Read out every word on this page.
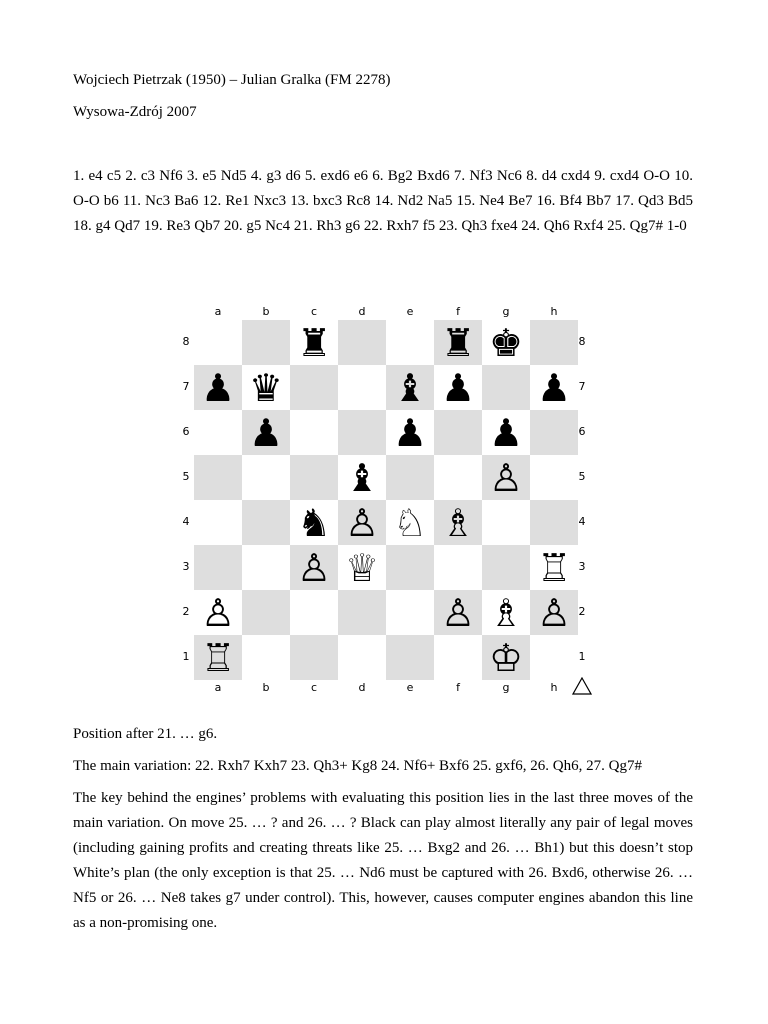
Wojciech Pietrzak (1950) – Julian Gralka (FM 2278)
Wysowa-Zdrój 2007
1. e4 c5 2. c3 Nf6 3. e5 Nd5 4. g3 d6 5. exd6 e6 6. Bg2 Bxd6 7. Nf3 Nc6 8. d4 cxd4 9. cxd4 O-O 10. O-O b6 11. Nc3 Ba6 12. Re1 Nxc3 13. bxc3 Rc8 14. Nd2 Na5 15. Ne4 Be7 16. Bf4 Bb7 17. Qd3 Bd5 18. g4 Qd7 19. Re3 Qb7 20. g5 Nc4 21. Rh3 g6 22. Rxh7 f5 23. Qh3 fxe4 24. Qh6 Rxf4 25. Qg7# 1-0
♜	♜ ♚
♟ ♛	♝ ♟ ♟
♟	♟ ♟
♝	♙
♞ ♙ ♘ ♗
♙ ♕	♖
♙	♙ ♗ ♙
♖	♔
Position after 21. … g6.
The main variation: 22. Rxh7 Kxh7 23. Qh3+ Kg8 24. Nf6+ Bxf6 25. gxf6, 26. Qh6, 27. Qg7#
The key behind the engines’ problems with evaluating this position lies in the last three moves of the main variation. On move 25. … ? and 26. … ? Black can play almost literally any pair of legal moves (including gaining profits and creating threats like 25. … Bxg2 and 26. … Bh1) but this doesn’t stop White’s plan (the only exception is that 25. … Nd6 must be captured with 26. Bxd6, otherwise 26. … Nf5 or 26. … Ne8 takes g7 under control). This, however, causes computer engines abandon this line as a non-promising one.
a
a
b
b
c
c
d
d
e
e
f
f
g
g
h
h
8	8
7	7
6	6
5	5
4	4
3	3
2	2
1	1
